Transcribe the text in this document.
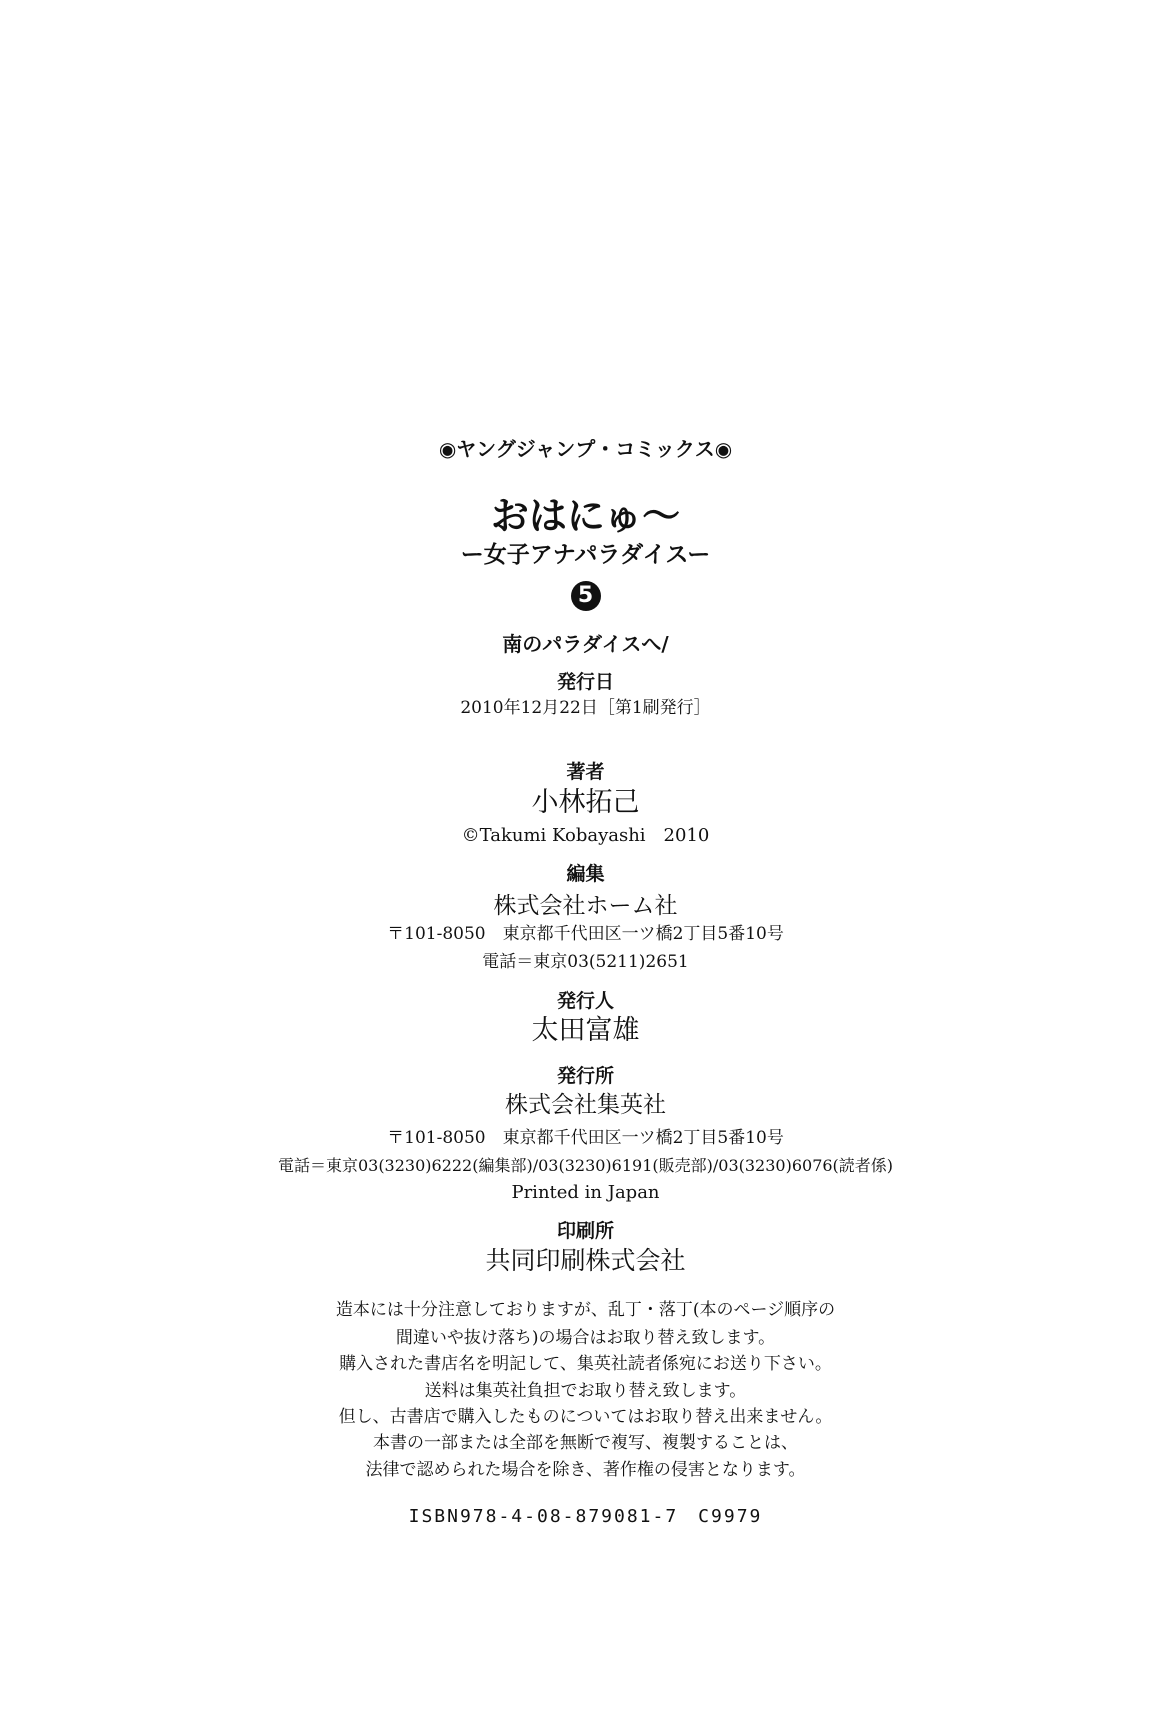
◉ヤングジャンプ・コミックス◉
おはにゅ〜
ー女子アナパラダイスー
5
南のパラダイスへ/
発行日
2010年12月22日［第1刷発行］
著者
小林拓己
©Takumi Kobayashi　2010
編集
株式会社ホーム社
〒101-8050　東京都千代田区一ツ橋2丁目5番10号
電話＝東京03(5211)2651
発行人
太田富雄
発行所
株式会社集英社
〒101-8050　東京都千代田区一ツ橋2丁目5番10号
電話＝東京03(3230)6222(編集部)/03(3230)6191(販売部)/03(3230)6076(読者係)
Printed in Japan
印刷所
共同印刷株式会社
造本には十分注意しておりますが、乱丁・落丁(本のページ順序の
間違いや抜け落ち)の場合はお取り替え致します。
購入された書店名を明記して、集英社読者係宛にお送り下さい。
送料は集英社負担でお取り替え致します。
但し、古書店で購入したものについてはお取り替え出来ません。
本書の一部または全部を無断で複写、複製することは、
法律で認められた場合を除き、著作権の侵害となります。
ISBN978-4-08-879081-7　C9979
